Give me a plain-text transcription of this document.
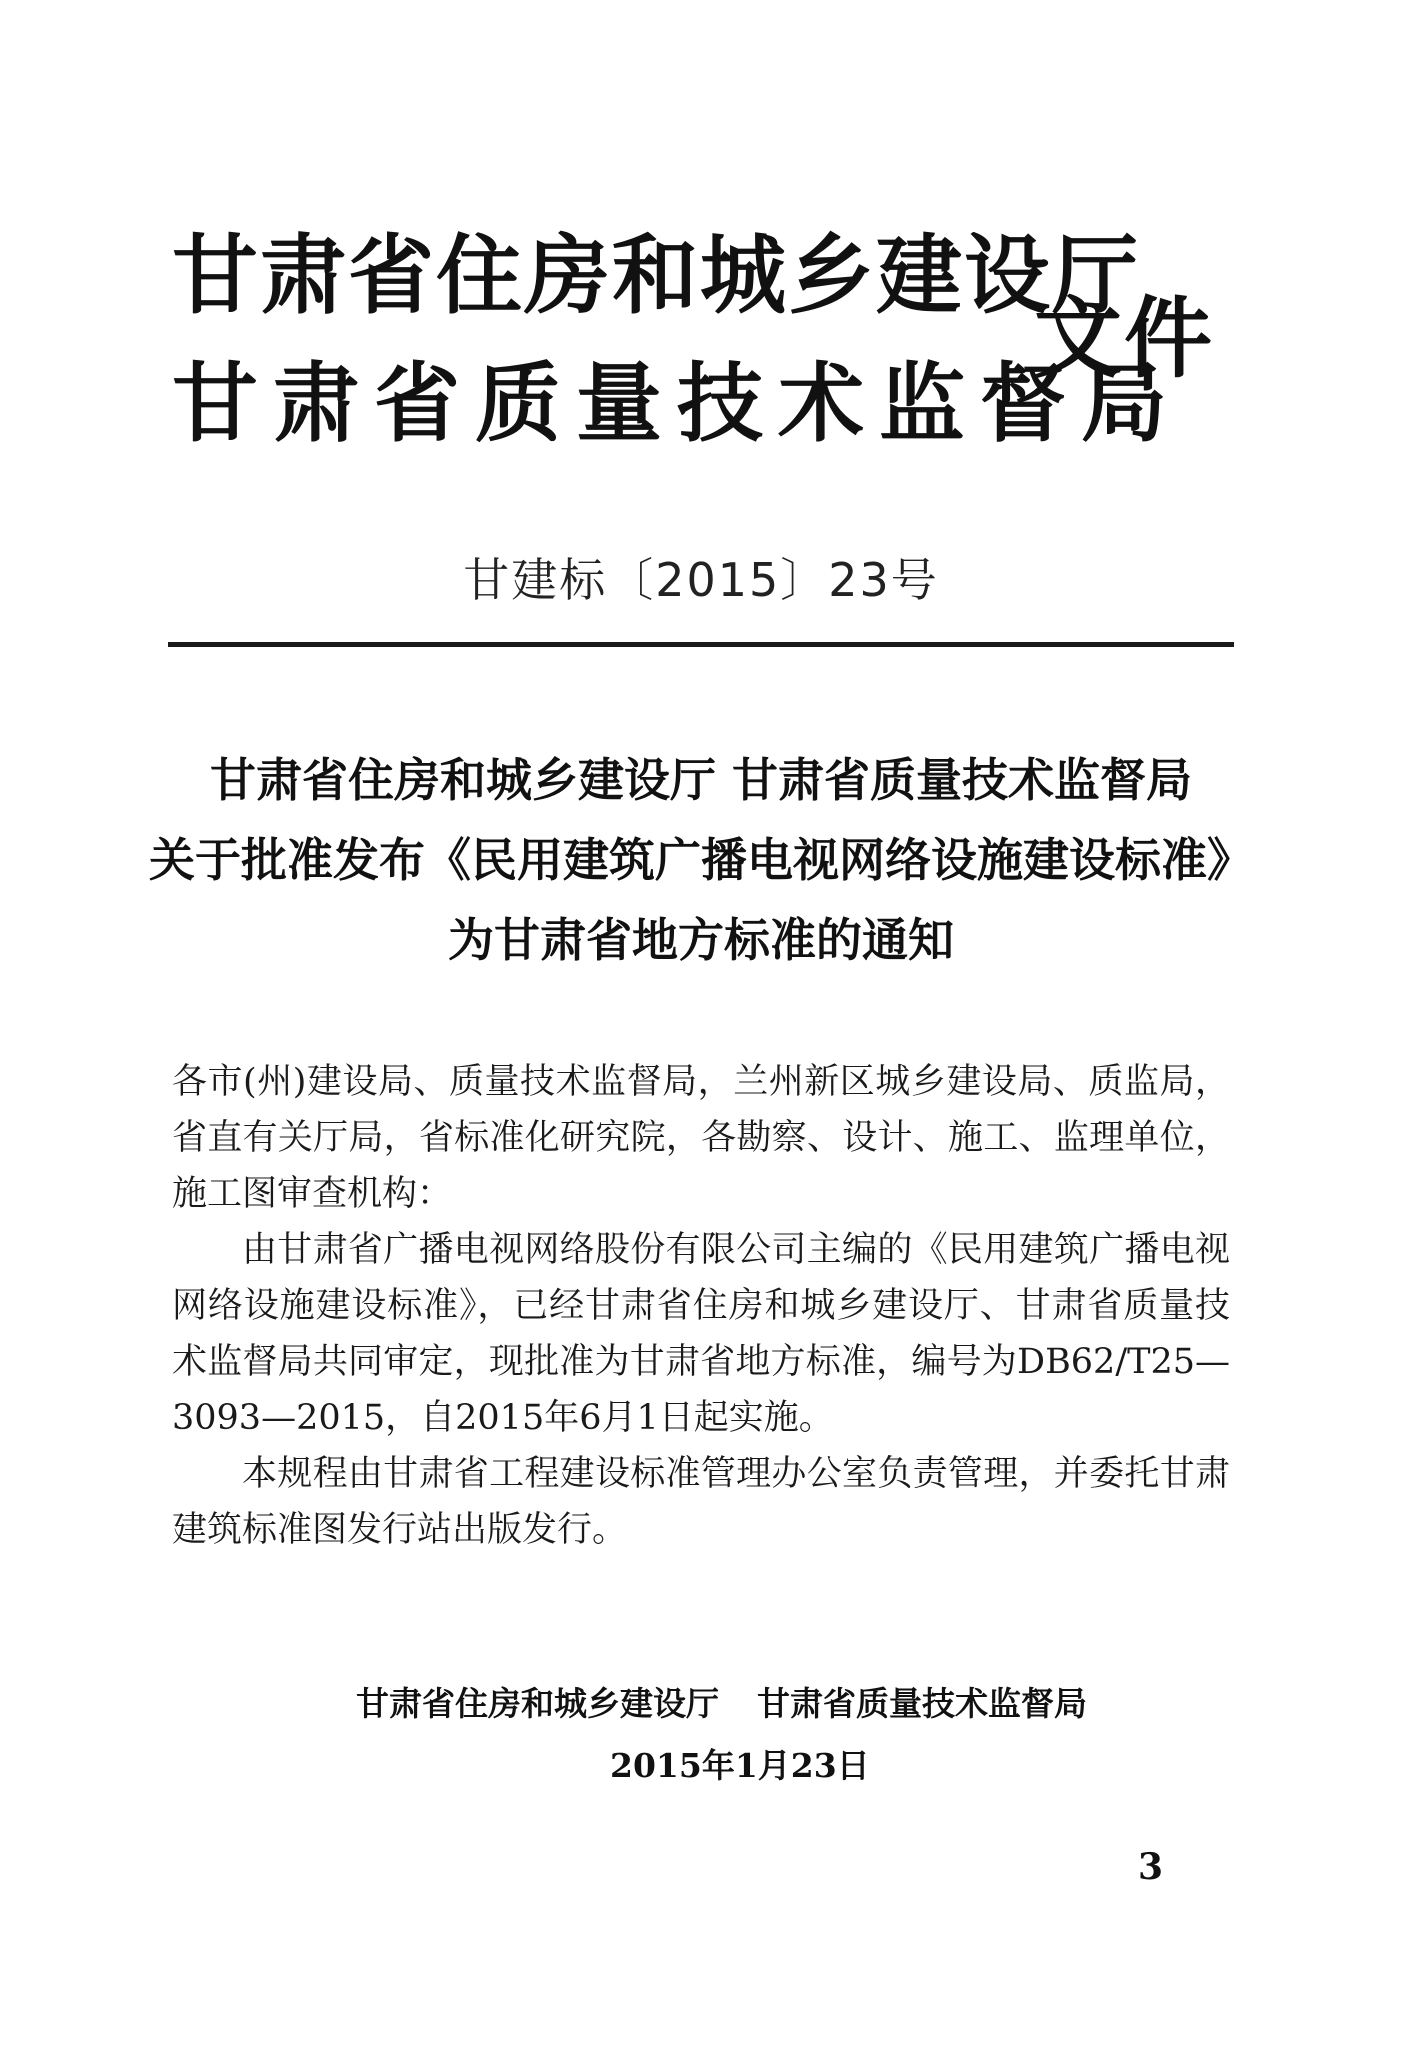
甘肃省住房和城乡建设厅
甘肃省质量技术监督局
文件
甘建标〔2015〕23号
甘肃省住房和城乡建设厅 甘肃省质量技术监督局
关于批准发布《民用建筑广播电视网络设施建设标准》
为甘肃省地方标准的通知

各市(州)建设局、质量技术监督局，兰州新区城乡建设局、质监局，省直有关厅局，省标准化研究院，各勘察、设计、施工、监理单位，施工图审查机构：

由甘肃省广播电视网络股份有限公司主编的《民用建筑广播电视网络设施建设标准》，已经甘肃省住房和城乡建设厅、甘肃省质量技术监督局共同审定，现批准为甘肃省地方标准，编号为DB62/T25—3093—2015，自2015年6月1日起实施。

本规程由甘肃省工程建设标准管理办公室负责管理，并委托甘肃建筑标准图发行站出版发行。

甘肃省住房和城乡建设厅 甘肃省质量技术监督局
2015年1月23日
3
